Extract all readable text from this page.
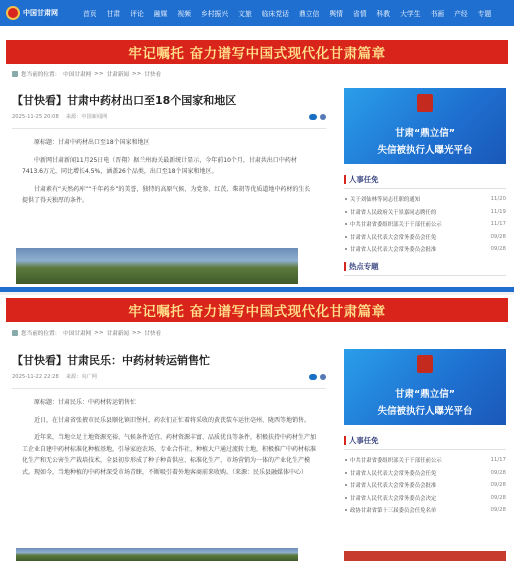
中国甘肃网	首页	甘肃	评论	融媒	视频	乡村振兴	文旅	临床党话	鼎立信	舆情	省情	科教	大学生	书画	产经	专题
牢记嘱托 奋力谱写中国式现代化甘肃篇章
您当前的位置： 中国甘肃网 >> 甘肃新闻 >> 甘快看
【甘快看】甘肃中药材出口至18个国家和地区
2025-11-25 20:08 来源：中国新闻网
原标题：甘肃中药材出口至18个国家和地区
中新网甘肃新闻11月25日电（晋翔）据兰州海关最新统计显示，今年前10个月，甘肃共出口中药材7413.6万元，同比增长4.5%，涵盖26个品类，出口至18个国家和地区。
甘肃素有“天然药库”“千年药乡”的美誉，独特的高原气候、为党参、红芪、柴胡等优质道地中药材的生长提供了得天独厚的条件。
甘肃“鼎立信”
失信被执行人曝光平台
人事任免
关于刘仙林等同志任职的通知	11/20
甘肃省人民政府关于景嘉同志聘任的	11/19
中共甘肃省委组织部关于干部任前公示	11/17
甘肃省人民代表大会常务委员会任免	09/28
甘肃省人民代表大会常务委员会批准	09/28
热点专题
牢记嘱托 奋力谱写中国式现代化甘肃篇章
您当前的位置： 中国甘肃网 >> 甘肃新闻 >> 甘快看
【甘快看】甘肃民乐：中药材转运销售忙
2025-11-22 22:28 来源：央广网
原标题：甘肃民乐：中药材转运销售忙
近日，在甘肃省张掖市民乐县顺化镇旧堡村，药农们正忙着将采收的黄芪装车运往亳州、陇西等地销售。
近年来，当地立足土地资源充裕、气候条件适宜、药材资源丰富、品质优良等条件，积极扶持中药材生产加工企业自建中药材标准化种植基地，引导家庭农场、专业合作社、种植大户通过流转土地，积极推广中药材标准化生产和无公害生产栽培技术，全县初步形成了种子种苗供应、标准化生产、市场营销为一体的产业化生产模式。现如今，当地种植的中药材深受市场青睐，不断吸引着外地客商前来收购。（来源：民乐县融媒体中心）
甘肃“鼎立信”
失信被执行人曝光平台
人事任免
中共甘肃省委组织部关于干部任前公示	11/17
甘肃省人民代表大会常务委员会任免	09/28
甘肃省人民代表大会常务委员会批准	09/28
甘肃省人民代表大会常务委员会决定	09/28
政协甘肃省第十三届委员会任免名单	09/28
